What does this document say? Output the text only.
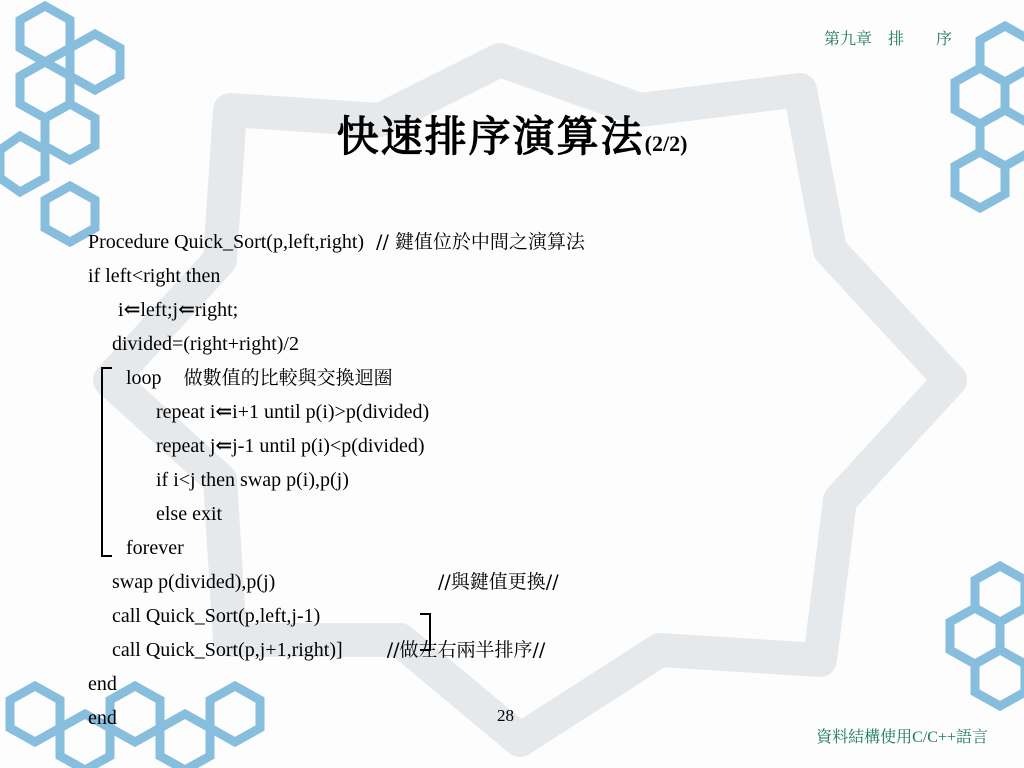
第九章　排　　序
快速排序演算法(2/2)
Procedure Quick_Sort(p,left,right) // 鍵值位於中間之演算法
if left<right then
i⇐left;j⇐right;
divided=(right+right)/2
loop 做數值的比較與交換迴圈
repeat i⇐i+1 until p(i)>p(divided)
repeat j⇐j-1 until p(i)<p(divided)
if i<j then swap p(i),p(j)
else exit
forever
swap p(divided),p(j)	//與鍵值更換//
call Quick_Sort(p,left,j-1)
call Quick_Sort(p,j+1,right)] //做左右兩半排序//
end
end	28
資料結構使用C/C++語言
